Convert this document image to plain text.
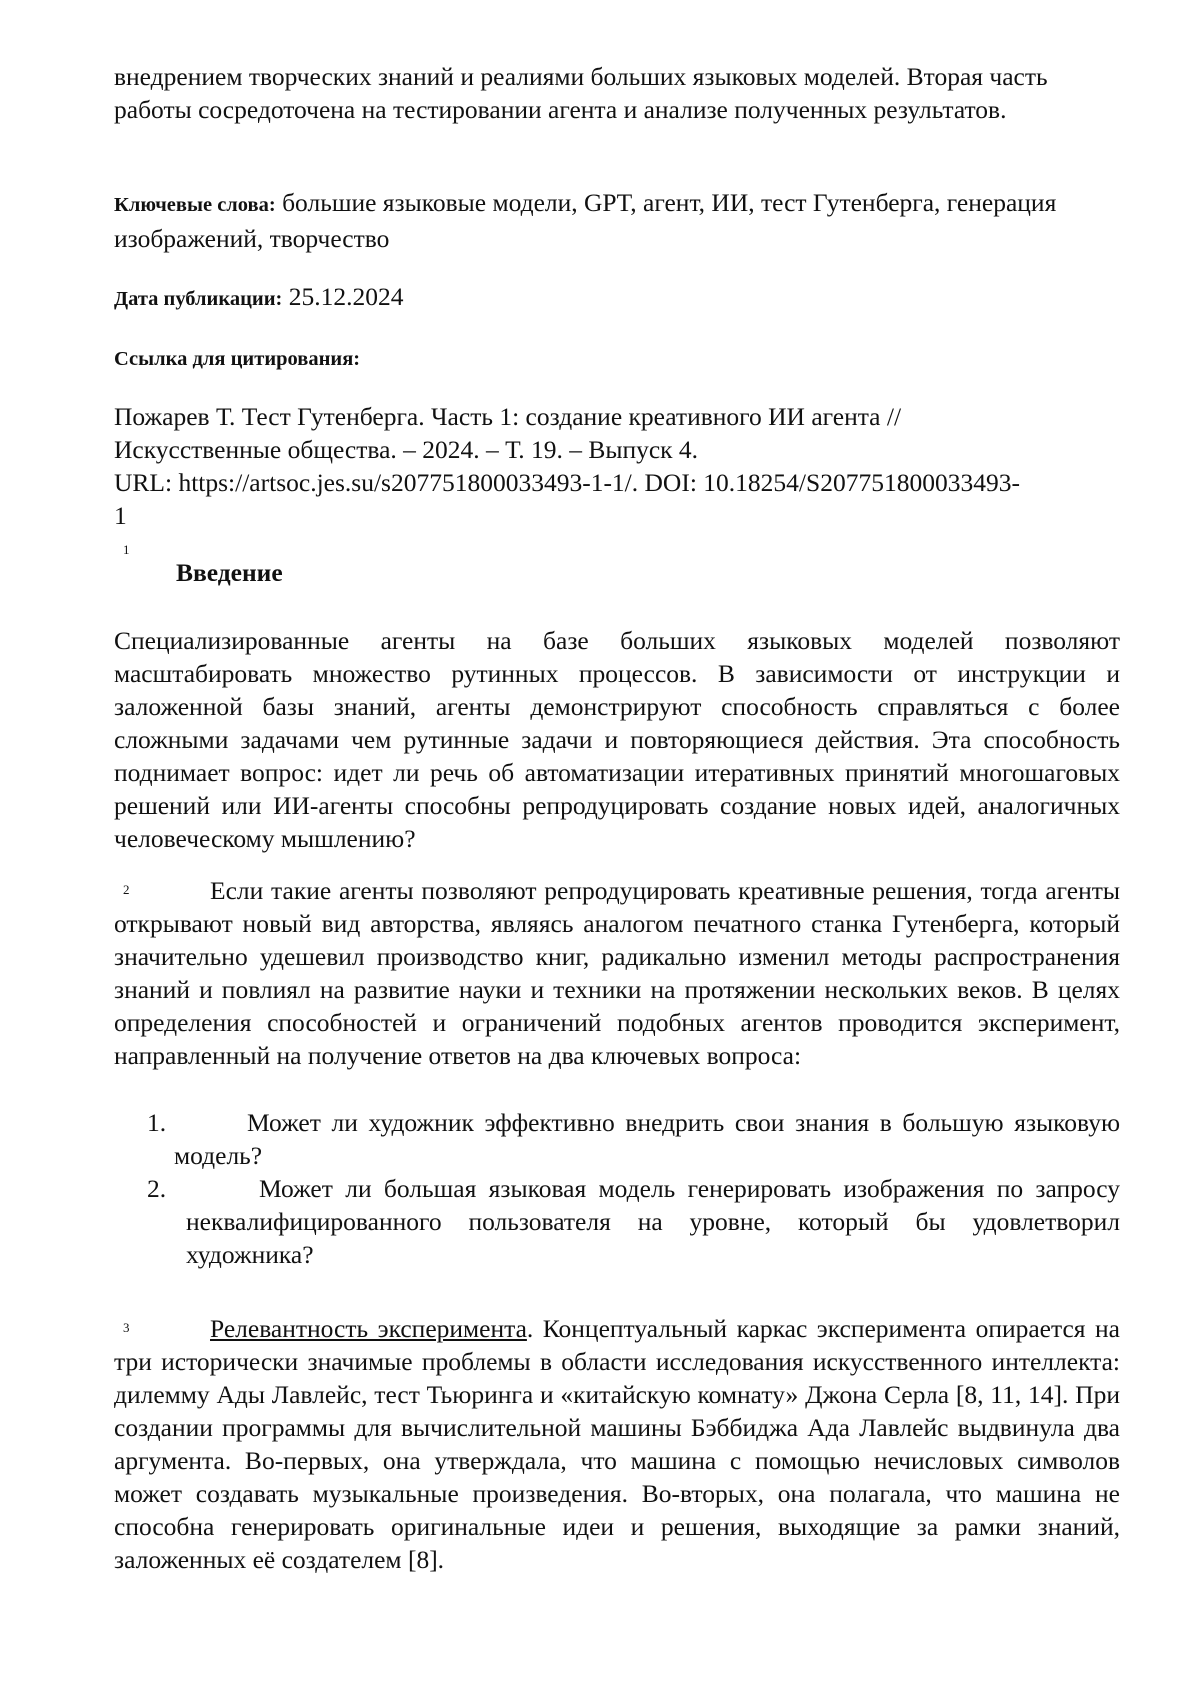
внедрением творческих знаний и реалиями больших языковых моделей. Вторая часть работы сосредоточена на тестировании агента и анализе полученных результатов.

Ключевые слова: большие языковые модели, GPT, агент, ИИ, тест Гутенберга, генерация изображений, творчество

Дата публикации: 25.12.2024

Ссылка для цитирования:

Пожарев Т. Тест Гутенберга. Часть 1: создание креативного ИИ агента //
Искусственные общества. – 2024. – Т. 19. – Выпуск 4.
URL: https://artsoc.jes.su/s207751800033493-1-1/. DOI: 10.18254/S207751800033493-
1
1
Введение

Специализированные агенты на базе больших языковых моделей позволяют масштабировать множество рутинных процессов. В зависимости от инструкции и заложенной базы знаний, агенты демонстрируют способность справляться с более сложными задачами чем рутинные задачи и повторяющиеся действия. Эта способность поднимает вопрос: идет ли речь об автоматизации итеративных принятий многошаговых решений или ИИ-агенты способны репродуцировать создание новых идей, аналогичных человеческому мышлению?

2	Если такие агенты позволяют репродуцировать креативные решения, тогда агенты открывают новый вид авторства, являясь аналогом печатного станка Гутенберга, который значительно удешевил производство книг, радикально изменил методы распространения знаний и повлиял на развитие науки и техники на протяжении нескольких веков. В целях определения способностей и ограничений подобных агентов проводится эксперимент, направленный на получение ответов на два ключевых вопроса:

1.	Может ли художник эффективно внедрить свои знания в большую языковую модель?
2.	Может ли большая языковая модель генерировать изображения по запросу неквалифицированного пользователя на уровне, который бы удовлетворил художника?
3	Релевантность эксперимента. Концептуальный каркас эксперимента опирается на три исторически значимые проблемы в области исследования искусственного интеллекта: дилемму Ады Лавлейс, тест Тьюринга и «китайскую комнату» Джона Серла [8, 11, 14]. При создании программы для вычислительной машины Бэббиджа Ада Лавлейс выдвинула два аргумента. Во-первых, она утверждала, что машина с помощью нечисловых символов может создавать музыкальные произведения. Во-вторых, она полагала, что машина не способна генерировать оригинальные идеи и решения, выходящие за рамки знаний, заложенных её создателем [8].
